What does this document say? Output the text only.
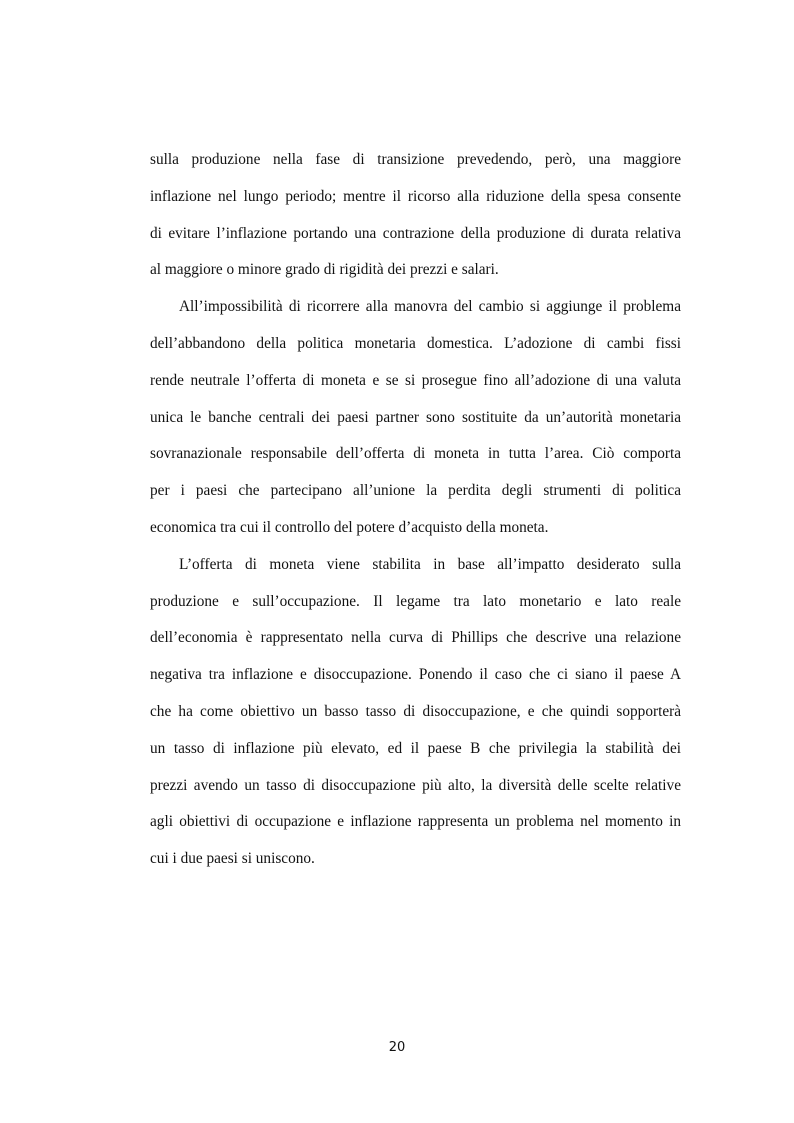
sulla produzione nella fase di transizione prevedendo, però, una maggiore
inflazione nel lungo periodo; mentre il ricorso alla riduzione della spesa consente
di evitare l’inflazione portando una contrazione della produzione di durata relativa
al maggiore o minore grado di rigidità dei prezzi e salari.
All’impossibilità di ricorrere alla manovra del cambio si aggiunge il problema
dell’abbandono della politica monetaria domestica. L’adozione di cambi fissi
rende neutrale l’offerta di moneta e se si prosegue fino all’adozione di una valuta
unica le banche centrali dei paesi partner sono sostituite da un’autorità monetaria
sovranazionale responsabile dell’offerta di moneta in tutta l’area. Ciò comporta
per i paesi che partecipano all’unione la perdita degli strumenti di politica
economica tra cui il controllo del potere d’acquisto della moneta.
L’offerta di moneta viene stabilita in base all’impatto desiderato sulla
produzione e sull’occupazione. Il legame tra lato monetario e lato reale
dell’economia è rappresentato nella curva di Phillips che descrive una relazione
negativa tra inflazione e disoccupazione. Ponendo il caso che ci siano il paese A
che ha come obiettivo un basso tasso di disoccupazione, e che quindi sopporterà
un tasso di inflazione più elevato, ed il paese B che privilegia la stabilità dei
prezzi avendo un tasso di disoccupazione più alto, la diversità delle scelte relative
agli obiettivi di occupazione e inflazione rappresenta un problema nel momento in
cui i due paesi si uniscono.
20
